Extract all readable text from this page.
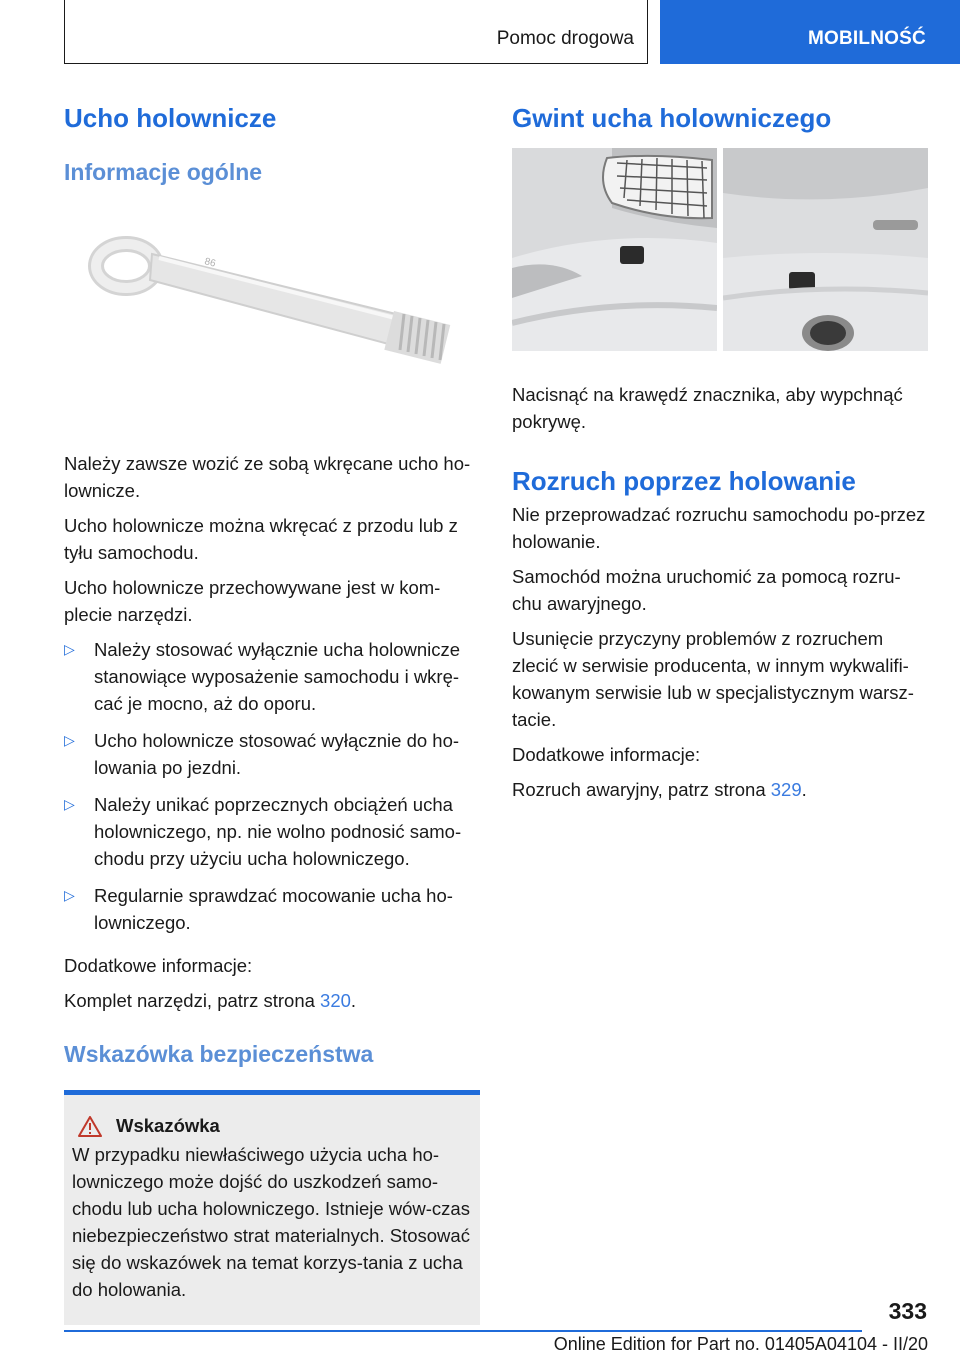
Pomoc drogowa	MOBILNOŚĆ
Ucho holownicze
Informacje ogólne
86

Należy zawsze wozić ze sobą wkręcane ucho ho-lownicze.

Ucho holownicze można wkręcać z przodu lub z tyłu samochodu.

Ucho holownicze przechowywane jest w kom-plecie narzędzi.

▷ Należy stosować wyłącznie ucha holownicze stanowiące wyposażenie samochodu i wkrę-cać je mocno, aż do oporu.
▷ Ucho holownicze stosować wyłącznie do ho-lowania po jezdni.
▷ Należy unikać poprzecznych obciążeń ucha holowniczego, np. nie wolno podnosić samo-chodu przy użyciu ucha holowniczego.
▷ Regularnie sprawdzać mocowanie ucha ho-lowniczego.

Dodatkowe informacje:

Komplet narzędzi, patrz strona 320.

Wskazówka bezpieczeństwa
Wskazówka

W przypadku niewłaściwego użycia ucha ho-lowniczego może dojść do uszkodzeń samo-chodu lub ucha holowniczego. Istnieje wów-czas niebezpieczeństwo strat materialnych. Stosować się do wskazówek na temat korzys-tania z ucha do holowania.

Gwint ucha holowniczego

Nacisnąć na krawędź znacznika, aby wypchnąć pokrywę.

Rozruch poprzez holowanie

Nie przeprowadzać rozruchu samochodu po-przez holowanie.

Samochód można uruchomić za pomocą rozru-chu awaryjnego.

Usunięcie przyczyny problemów z rozruchem zlecić w serwisie producenta, w innym wykwalifi-kowanym serwisie lub w specjalistycznym warsz-tacie.

Dodatkowe informacje:

Rozruch awaryjny, patrz strona 329.

333
Online Edition for Part no. 01405A04104 - II/20
